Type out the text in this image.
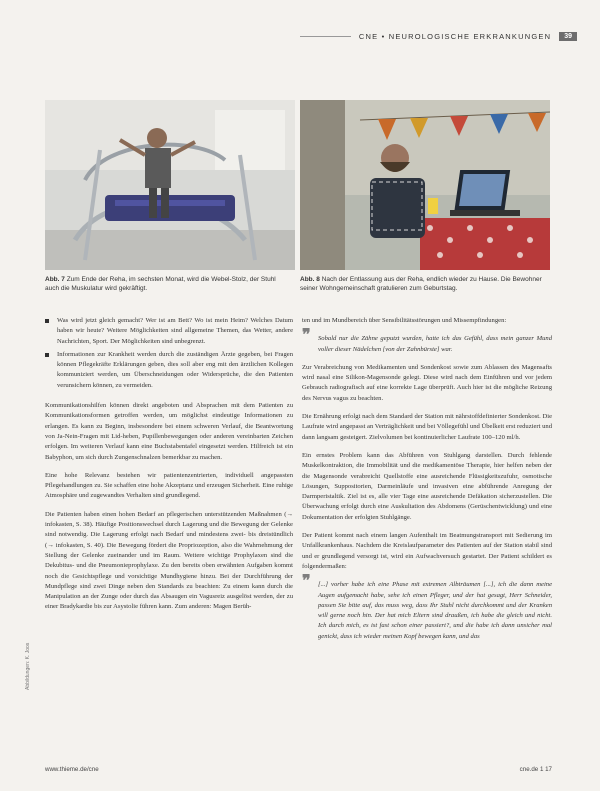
CNE • NEUROLOGISCHE ERKRANKUNGEN	39
Abb. 7 Zum Ende der Reha, im sechsten Monat, wird die Webel-Stolz, der Stuhl auch die Muskulatur wird gekräftigt.
Abb. 8 Nach der Entlassung aus der Reha, endlich wieder zu Hause. Die Bewohner seiner Wohngemeinschaft gratulieren zum Geburtstag.
Was wird jetzt gleich gemacht? Wer ist am Bett? Wo ist mein Heim? Welches Datum haben wir heute? Weitere Möglichkeiten sind allgemeine Themen, das Wetter, andere Nachrichten, Sport. Der Möglichkeiten sind unbegrenzt.
Informationen zur Krankheit werden durch die zuständigen Ärzte gegeben, bei Fragen können Pflegekräfte Erklärungen geben, dies soll aber eng mit den ärztlichen Kollegen kommuniziert werden, um Überschneidungen oder Widersprüche, die den Patienten verunsichern können, zu vermeiden.

Kommunikationshilfen können direkt angeboten und Absprachen mit dem Patienten zu Kommunikationsformen getroffen werden, um möglichst eindeutige Informationen zu erlangen. Es kann zu Beginn, insbesondere bei einem schweren Verlauf, die Beantwortung von Ja-Nein-Fragen mit Lid-heben, Pupillenbewegungen oder anderen vereinbarten Zeichen erfolgen. Im weiteren Verlauf kann eine Buchstabentafel eingesetzt werden. Hilfreich ist ein Babyphon, um sich durch Zungenschnalzen bemerkbar zu machen.

Eine hohe Relevanz bestehen wir patientenzentrierten, individuell angepassten Pflegehandlungen zu. Sie schaffen eine hohe Akzeptanz und erzeugen Sicherheit. Eine ruhige Atmosphäre und zugewandtes Verhalten sind grundlegend.

Die Patienten haben einen hohen Bedarf an pflegerischen unterstützenden Maßnahmen (→ infokasten, S. 38). Häufige Positionswechsel durch Lagerung und die Bewegung der Gelenke sind notwendig. Die Lagerung erfolgt nach Bedarf und mindestens zwei- bis dreistündlich (→ infokasten, S. 40). Die Bewegung fördert die Propriozeption, also die Wahrnehmung der Stellung der Gelenke zueinander und im Raum. Weitere wichtige Prophylaxen sind die Dekubitus- und die Pneumonieprophylaxe. Zu den bereits oben erwähnten Aufgaben kommt noch die Gesichtspflege und vorsichtige Mundhygiene hinzu. Bei der Durchführung der Mundpflege sind zwei Dinge neben den Standards zu beachten: Zu einem kann durch die Manipulation an der Zunge oder durch das Absaugen ein Vagusreiz ausgelöst werden, der zu einer Bradykardie bis zur Asystolie führen kann. Zum anderen: Magen Berüh-

ten und im Mundbereich über Sensibilitätsstörungen und Missempfindungen:

❞ Sobald nur die Zähne geputzt wurden, hatte ich das Gefühl, dass mein ganzer Mund voller dieser Nädelchen [von der Zahnbürste] war.

Zur Verabreichung von Medikamenten und Sondenkost sowie zum Ablassen des Magensafts wird nasal eine Silikon-Magensonde gelegt. Diese wird nach dem Einführen und vor jedem Gebrauch radiografisch auf eine korrekte Lage überprüft. Auch hier ist die mögliche Reizung des Nervus vagus zu beachten.

Die Ernährung erfolgt nach dem Standard der Station mit nährstoffdefinierter Sondenkost. Die Laufrate wird angepasst an Verträglichkeit und bei Völlegefühl und Übelkeit erst reduziert und dann langsam gesteigert. Zielvolumen bei kontinuierlicher Laufrate 100–120 ml/h.

Ein ernstes Problem kann das Abführen von Stuhlgang darstellen. Durch fehlende Muskelkontraktion, die Immobilität und die medikamentöse Therapie, hier helfen neben der die Magensonde verabreicht Quellstoffe eine ausreichende Flüssigkeitszufuhr, osmotische Lösungen, Suppositorien, Darmeinläufe und invasiven eine abführende Anregung der Darmperistaltik. Ziel ist es, alle vier Tage eine ausreichende Defäkation sicherzustellen. Die Überwachung erfolgt durch eine Auskultation des Abdomens (Gerüschentwicklung) und eine Dokumentation der erfolgten Stuhlgänge.

Der Patient kommt nach einem langen Aufenthalt im Beatmungstransport mit Sedierung im Unfallkrankenhaus. Nachdem die Kreislaufparameter des Patienten auf der Station stabil sind und er grundlegend versorgt ist, wird ein Aufwachversuch gestartet. Der Patient schildert es folgendermaßen:

❞ [...] vorher habe ich eine Phase mit extremen Albträumen [...], ich die dann meine Augen aufgemacht habe, sehe ich einen Pfleger, und der hat gesagt, Herr Schneider, passen Sie bitte auf, das muss weg, dass Ihr Stuhl nicht durchkommt und der Kranken will gerne noch hin. Der hat mich Eltern sind draußen, ich habe die gleich und nicht. Ich durch mich, es ist fast schon einer passiert?, und die habe ich dann unsicher mal genickt, dass ich wieder meinen Kopf bewegen kann, und das
Abbildungen: K. Joos
www.thieme.de/cne	cne.de 1 17
